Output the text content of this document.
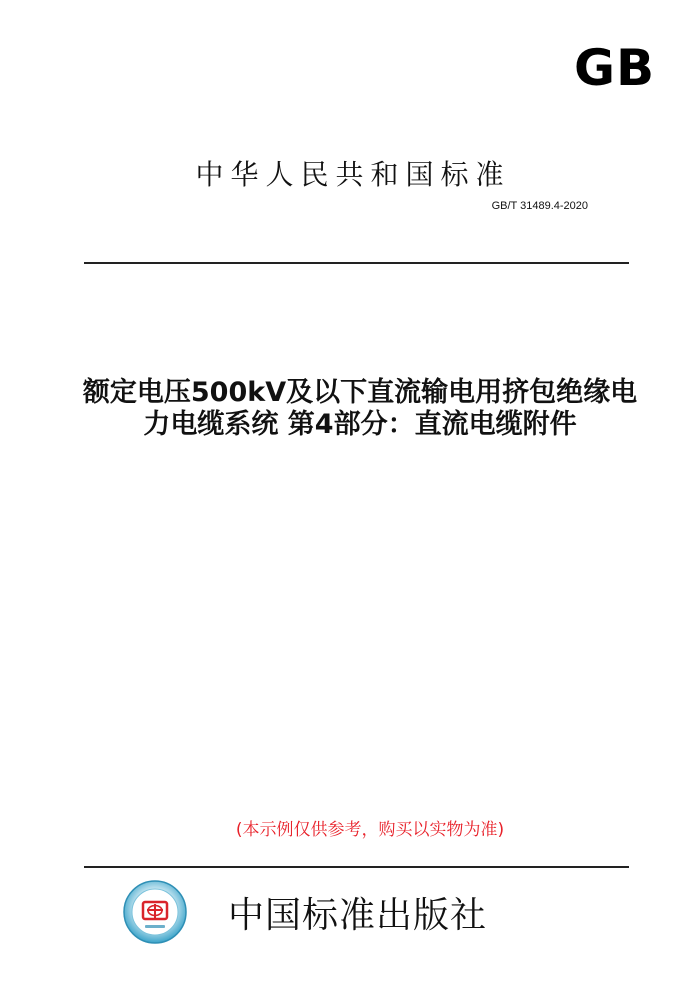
GB
中华人民共和国标准
GB/T 31489.4-2020
额定电压500kV及以下直流输电用挤包绝缘电
力电缆系统 第4部分：直流电缆附件
(本示例仅供参考，购买以实物为准)
中国标准出版社
